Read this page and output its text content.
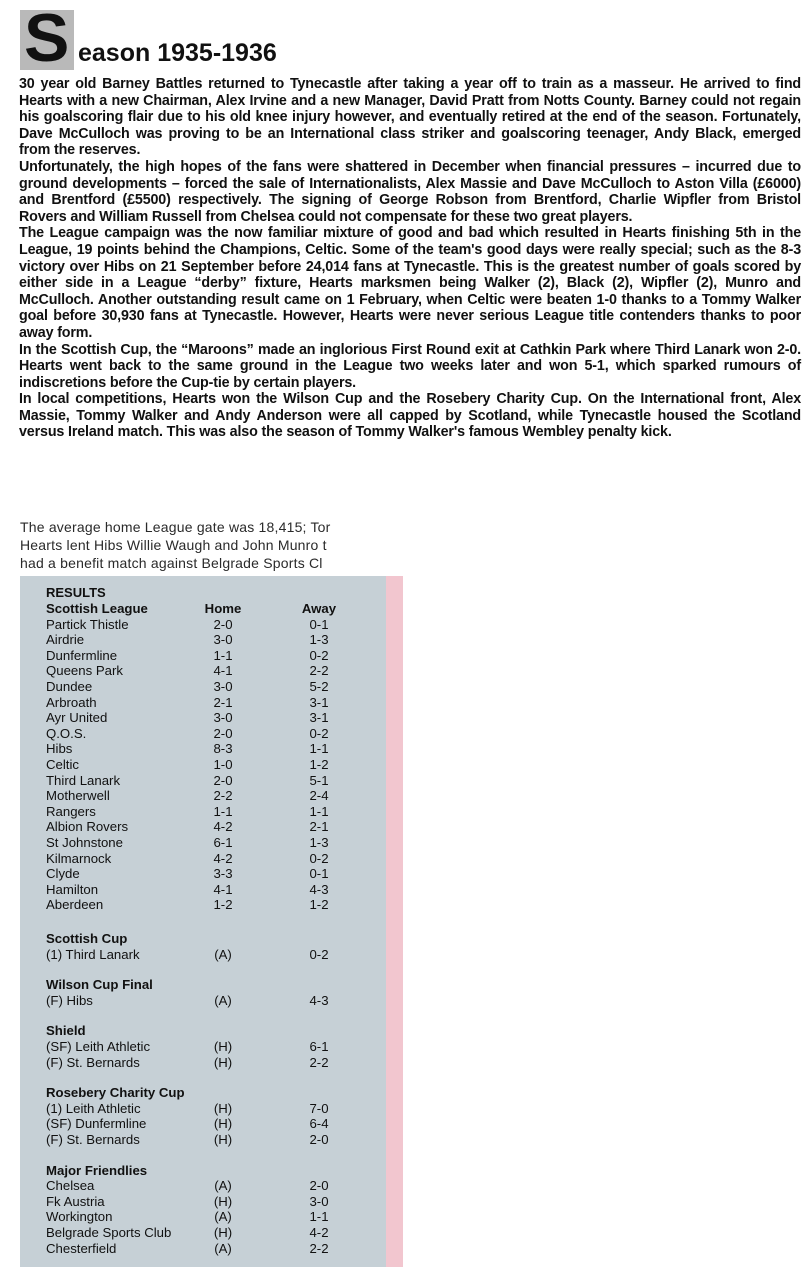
S eason 1935-1936

30 year old Barney Battles returned to Tynecastle after taking a year off to train as a masseur. He arrived to find Hearts with a new Chairman, Alex Irvine and a new Manager, David Pratt from Notts County. Barney could not regain his goalscoring flair due to his old knee injury however, and eventually retired at the end of the season. Fortunately, Dave McCulloch was proving to be an International class striker and goalscoring teenager, Andy Black, emerged from the reserves.

Unfortunately, the high hopes of the fans were shattered in December when financial pressures – incurred due to ground developments – forced the sale of Internationalists, Alex Massie and Dave McCulloch to Aston Villa (£6000) and Brentford (£5500) respectively. The signing of George Robson from Brentford, Charlie Wipfler from Bristol Rovers and William Russell from Chelsea could not compensate for these two great players.

The League campaign was the now familiar mixture of good and bad which resulted in Hearts finishing 5th in the League, 19 points behind the Champions, Celtic. Some of the team's good days were really special; such as the 8-3 victory over Hibs on 21 September before 24,014 fans at Tynecastle. This is the greatest number of goals scored by either side in a League “derby” fixture, Hearts marksmen being Walker (2), Black (2), Wipfler (2), Munro and McCulloch. Another outstanding result came on 1 February, when Celtic were beaten 1-0 thanks to a Tommy Walker goal before 30,930 fans at Tynecastle. However, Hearts were never serious League title contenders thanks to poor away form.

In the Scottish Cup, the “Maroons” made an inglorious First Round exit at Cathkin Park where Third Lanark won 2-0. Hearts went back to the same ground in the League two weeks later and won 5-1, which sparked rumours of indiscretions before the Cup-tie by certain players.

In local competitions, Hearts won the Wilson Cup and the Rosebery Charity Cup. On the International front, Alex Massie, Tommy Walker and Andy Anderson were all capped by Scotland, while Tynecastle housed the Scotland versus Ireland match. This was also the season of Tommy Walker's famous Wembley penalty kick.

The average home League gate was 18,415; Tor
Hearts lent Hibs Willie Waugh and John Munro t
had a benefit match against Belgrade Sports Cl
RESULTS
Scottish League	Home	Away
Partick Thistle	2-0	0-1
Airdrie	3-0	1-3
Dunfermline	1-1	0-2
Queens Park	4-1	2-2
Dundee	3-0	5-2
Arbroath	2-1	3-1
Ayr United	3-0	3-1
Q.O.S.	2-0	0-2
Hibs	8-3	1-1
Celtic	1-0	1-2
Third Lanark	2-0	5-1
Motherwell	2-2	2-4
Rangers	1-1	1-1
Albion Rovers	4-2	2-1
St Johnstone	6-1	1-3
Kilmarnock	4-2	0-2
Clyde	3-3	0-1
Hamilton	4-1	4-3
Aberdeen	1-2	1-2
Scottish Cup
(1) Third Lanark	(A)	0-2
Wilson Cup Final
(F) Hibs	(A)	4-3
Shield
(SF) Leith Athletic	(H)	6-1
(F) St. Bernards	(H)	2-2
Rosebery Charity Cup
(1) Leith Athletic	(H)	7-0
(SF) Dunfermline	(H)	6-4
(F) St. Bernards	(H)	2-0
Major Friendlies
Chelsea	(A)	2-0
Fk Austria	(H)	3-0
Workington	(A)	1-1
Belgrade Sports Club	(H)	4-2
Chesterfield	(A)	2-2
